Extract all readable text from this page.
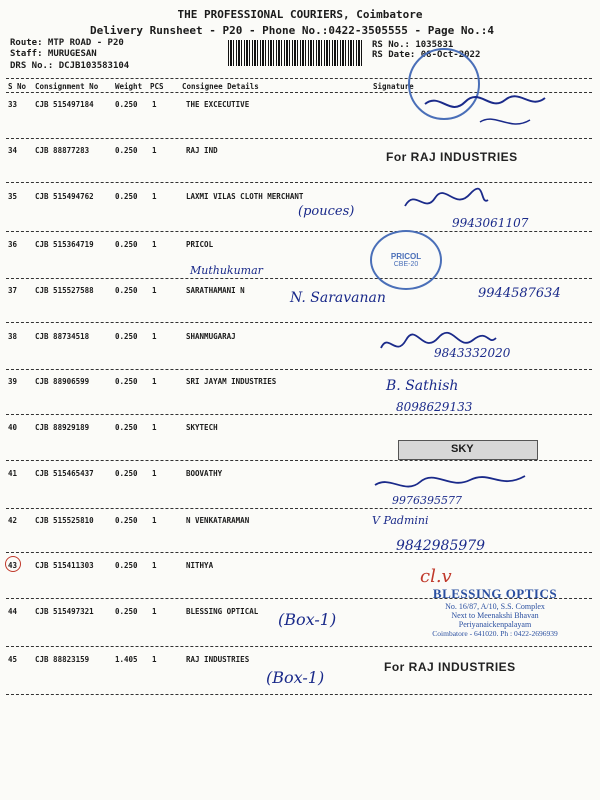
THE PROFESSIONAL COURIERS, Coimbatore
Delivery Runsheet - P20 - Phone No.:0422-3505555 - Page No.:4
Route: MTP ROAD - P20
Staff: MURUGESAN
DRS No.: DCJB103583104
RS No.: 1035831
RS Date: 08-Oct-2022
S No Consignment No Weight PCS Consignee Details	Signature
33 CJB 515497184	0.250 1	THE EXCECUTIVE
34 CJB 88877283	0.250 1	RAJ IND
35 CJB 515494762	0.250 1	LAXMI VILAS CLOTH MERCHANT
36 CJB 515364719	0.250 1	PRICOL
37 CJB 515527588	0.250 1	SARATHAMANI N
38 CJB 88734518	0.250 1	SHANMUGARAJ
39 CJB 88906599	0.250 1	SRI JAYAM INDUSTRIES
40 CJB 88929189	0.250 1	SKYTECH
41 CJB 515465437	0.250 1	BOOVATHY
42 CJB 515525810	0.250 1	N VENKATARAMAN
43 CJB 515411303	0.250 1	NITHYA
44 CJB 515497321	0.250 1	BLESSING OPTICAL
45 CJB 88823159	1.405 1	RAJ INDUSTRIES
For RAJ INDUSTRIES
(pouces)
9943061107
PRICOL
CBE-20
Muthukumar
N. Saravanan	9944587634
9843332020
B. Sathish
8098629133
SKY
9976395577
V Padmini
9842985979
cl.v
(Box-1)
BLESSING OPTICS
No. 16/87, A/10, S.S. Complex
Next to Meenakshi Bhavan
Periyanaickenpalayam
Coimbatore - 641020. Ph : 0422-2696939
(Box-1)
For RAJ INDUSTRIES
